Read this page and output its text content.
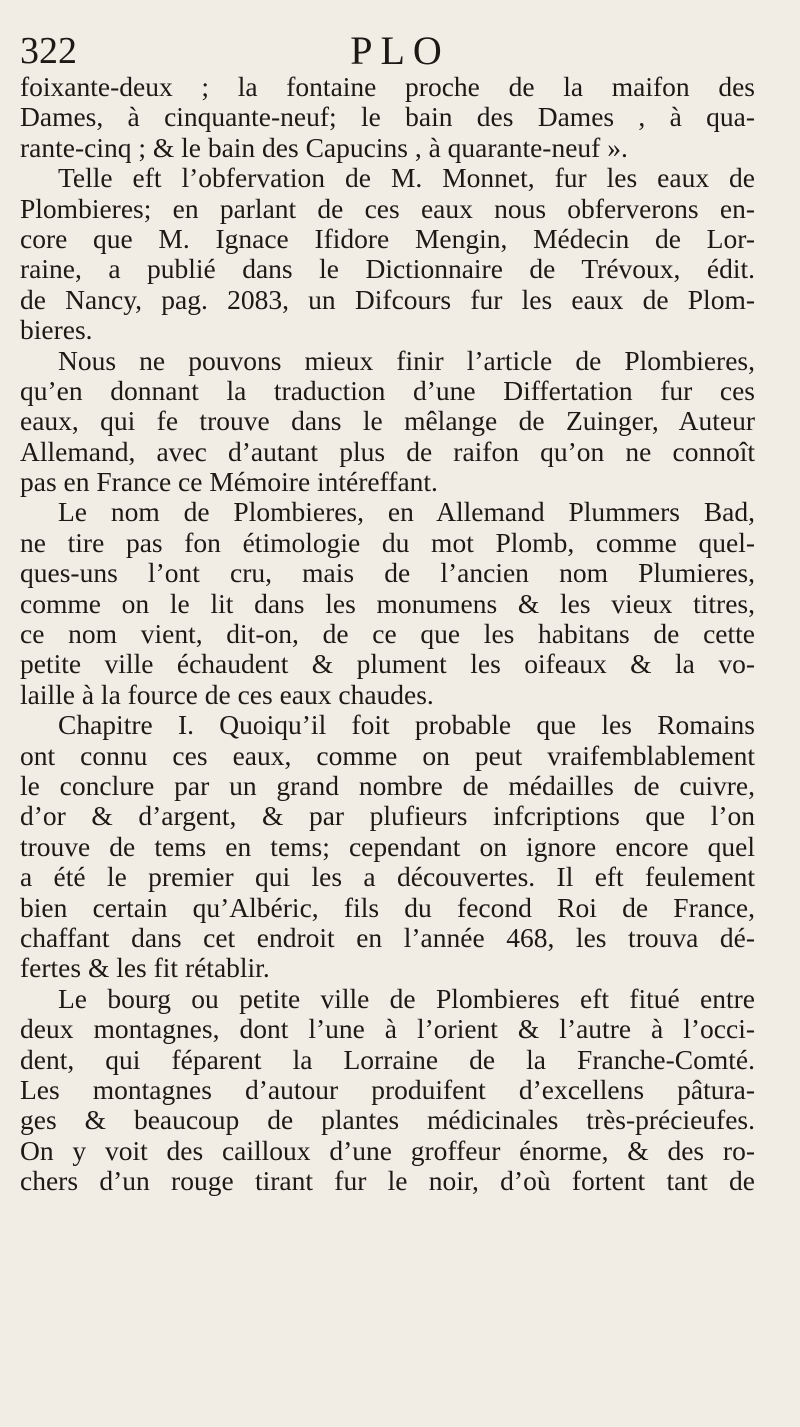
322	PLO
foixante-deux ; la fontaine proche de la maifon des
Dames, à cinquante-neuf; le bain des Dames , à qua-
rante-cinq ; & le bain des Capucins , à quarante-neuf ».
Telle eft l’obfervation de M. Monnet, fur les eaux de
Plombieres; en parlant de ces eaux nous obferverons en-
core que M. Ignace Ifidore Mengin, Médecin de Lor-
raine, a publié dans le Dictionnaire de Trévoux, édit.
de Nancy, pag. 2083, un Difcours fur les eaux de Plom-
bieres.
Nous ne pouvons mieux finir l’article de Plombieres,
qu’en donnant la traduction d’une Differtation fur ces
eaux, qui fe trouve dans le mêlange de Zuinger, Auteur
Allemand, avec d’autant plus de raifon qu’on ne connoît
pas en France ce Mémoire intéreffant.
Le nom de Plombieres, en Allemand Plummers Bad,
ne tire pas fon étimologie du mot Plomb, comme quel-
ques-uns l’ont cru, mais de l’ancien nom Plumieres,
comme on le lit dans les monumens & les vieux titres,
ce nom vient, dit-on, de ce que les habitans de cette
petite ville échaudent & plument les oifeaux & la vo-
laille à la fource de ces eaux chaudes.
Chapitre I. Quoiqu’il foit probable que les Romains
ont connu ces eaux, comme on peut vraifemblablement
le conclure par un grand nombre de médailles de cuivre,
d’or & d’argent, & par plufieurs infcriptions que l’on
trouve de tems en tems; cependant on ignore encore quel
a été le premier qui les a découvertes. Il eft feulement
bien certain qu’Albéric, fils du fecond Roi de France,
chaffant dans cet endroit en l’année 468, les trouva dé-
fertes & les fit rétablir.
Le bourg ou petite ville de Plombieres eft fitué entre
deux montagnes, dont l’une à l’orient & l’autre à l’occi-
dent, qui féparent la Lorraine de la Franche-Comté.
Les montagnes d’autour produifent d’excellens pâtura-
ges & beaucoup de plantes médicinales très-précieufes.
On y voit des cailloux d’une groffeur énorme, & des ro-
chers d’un rouge tirant fur le noir, d’où fortent tant de
